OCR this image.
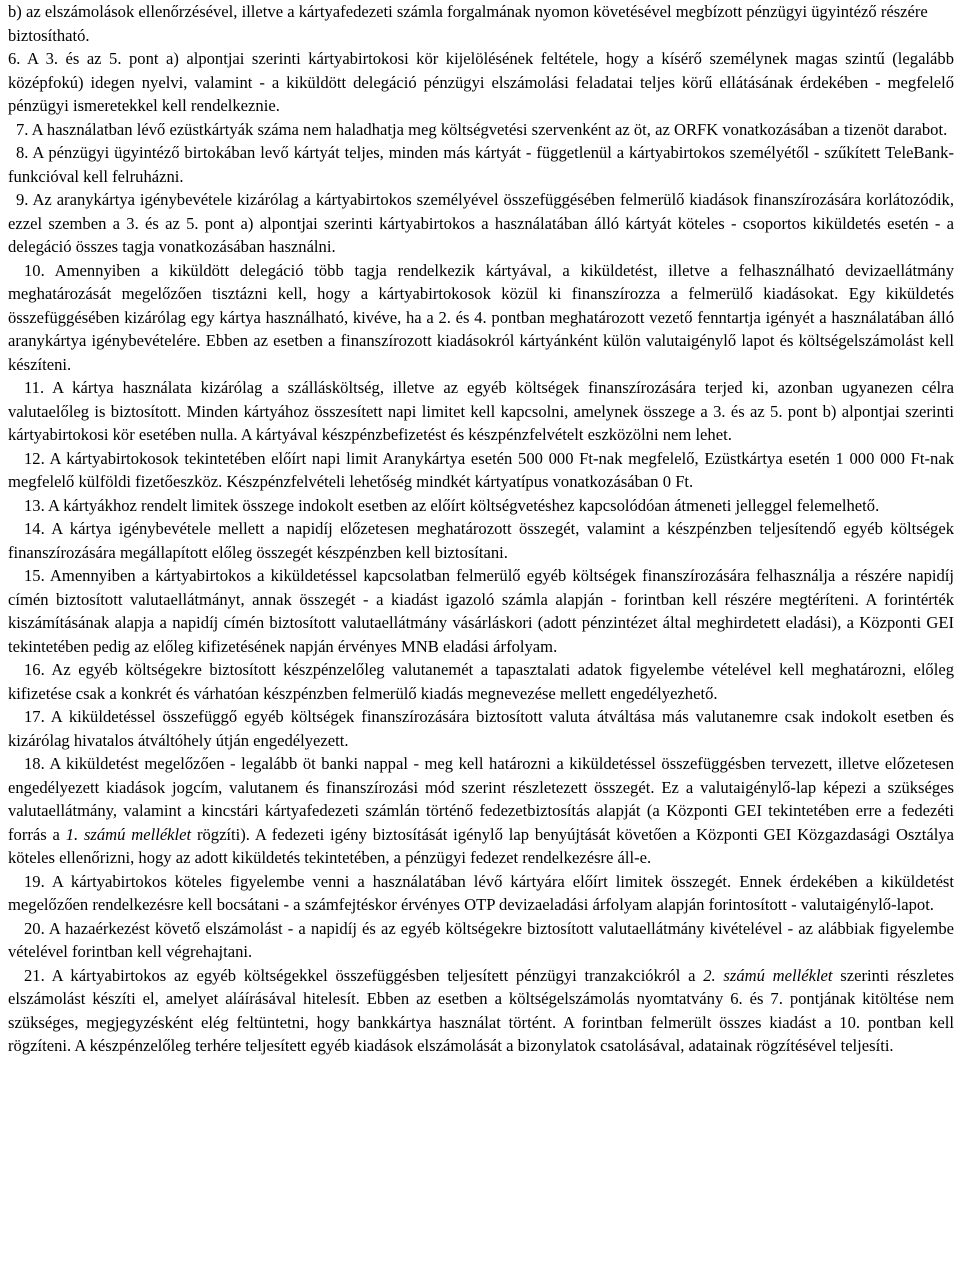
b) az elszámolások ellenőrzésével, illetve a kártyafedezeti számla forgalmának nyomon követésével megbízott pénzügyi ügyintéző részére biztosítható.

6. A 3. és az 5. pont a) alpontjai szerinti kártyabirtokosi kör kijelölésének feltétele, hogy a kísérő személynek magas szintű (legalább középfokú) idegen nyelvi, valamint - a kiküldött delegáció pénzügyi elszámolási feladatai teljes körű ellátásának érdekében - megfelelő pénzügyi ismeretekkel kell rendelkeznie.

7. A használatban lévő ezüstkártyák száma nem haladhatja meg költségvetési szervenként az öt, az ORFK vonatkozásában a tizenöt darabot.

8. A pénzügyi ügyintéző birtokában levő kártyát teljes, minden más kártyát - függetlenül a kártyabirtokos személyétől - szűkített TeleBank-funkcióval kell felruházni.

9. Az aranykártya igénybevétele kizárólag a kártyabirtokos személyével összefüggésében felmerülő kiadások finanszírozására korlátozódik, ezzel szemben a 3. és az 5. pont a) alpontjai szerinti kártyabirtokos a használatában álló kártyát köteles - csoportos kiküldetés esetén - a delegáció összes tagja vonatkozásában használni.

10. Amennyiben a kiküldött delegáció több tagja rendelkezik kártyával, a kiküldetést, illetve a felhasználható devizaellátmány meghatározását megelőzően tisztázni kell, hogy a kártyabirtokosok közül ki finanszírozza a felmerülő kiadásokat. Egy kiküldetés összefüggésében kizárólag egy kártya használható, kivéve, ha a 2. és 4. pontban meghatározott vezető fenntartja igényét a használatában álló aranykártya igénybevételére. Ebben az esetben a finanszírozott kiadásokról kártyánként külön valutaigénylő lapot és költségelszámolást kell készíteni.

11. A kártya használata kizárólag a szállásköltség, illetve az egyéb költségek finanszírozására terjed ki, azonban ugyanezen célra valutaelőleg is biztosított. Minden kártyához összesített napi limitet kell kapcsolni, amelynek összege a 3. és az 5. pont b) alpontjai szerinti kártyabirtokosi kör esetében nulla. A kártyával készpénzbefizetést és készpénzfelvételt eszközölni nem lehet.

12. A kártyabirtokosok tekintetében előírt napi limit Aranykártya esetén 500 000 Ft-nak megfelelő, Ezüstkártya esetén 1 000 000 Ft-nak megfelelő külföldi fizetőeszköz. Készpénzfelvételi lehetőség mindkét kártyatípus vonatkozásában 0 Ft.

13. A kártyákhoz rendelt limitek összege indokolt esetben az előírt költségvetéshez kapcsolódóan átmeneti jelleggel felemelhető.

14. A kártya igénybevétele mellett a napidíj előzetesen meghatározott összegét, valamint a készpénzben teljesítendő egyéb költségek finanszírozására megállapított előleg összegét készpénzben kell biztosítani.

15. Amennyiben a kártyabirtokos a kiküldetéssel kapcsolatban felmerülő egyéb költségek finanszírozására felhasználja a részére napidíj címén biztosított valutaellátmányt, annak összegét - a kiadást igazoló számla alapján - forintban kell részére megtéríteni. A forintérték kiszámításának alapja a napidíj címén biztosított valutaellátmány vásárláskori (adott pénzintézet által meghirdetett eladási), a Központi GEI tekintetében pedig az előleg kifizetésének napján érvényes MNB eladási árfolyam.

16. Az egyéb költségekre biztosított készpénzelőleg valutanemét a tapasztalati adatok figyelembe vételével kell meghatározni, előleg kifizetése csak a konkrét és várhatóan készpénzben felmerülő kiadás megnevezése mellett engedélyezhető.

17. A kiküldetéssel összefüggő egyéb költségek finanszírozására biztosított valuta átváltása más valutanemre csak indokolt esetben és kizárólag hivatalos átváltóhely útján engedélyezett.

18. A kiküldetést megelőzően - legalább öt banki nappal - meg kell határozni a kiküldetéssel összefüggésben tervezett, illetve előzetesen engedélyezett kiadások jogcím, valutanem és finanszírozási mód szerint részletezett összegét. Ez a valutaigénylő-lap képezi a szükséges valutaellátmány, valamint a kincstári kártyafedezeti számlán történő fedezetbiztosítás alapját (a Központi GEI tekintetében erre a fedezéti forrás a 1. számú melléklet rögzíti). A fedezeti igény biztosítását igénylő lap benyújtását követően a Központi GEI Közgazdasági Osztálya köteles ellenőrizni, hogy az adott kiküldetés tekintetében, a pénzügyi fedezet rendelkezésre áll-e.

19. A kártyabirtokos köteles figyelembe venni a használatában lévő kártyára előírt limitek összegét. Ennek érdekében a kiküldetést megelőzően rendelkezésre kell bocsátani - a számfejtéskor érvényes OTP devizaeladási árfolyam alapján forintosított - valutaigénylő-lapot.

20. A hazaérkezést követő elszámolást - a napidíj és az egyéb költségekre biztosított valutaellátmány kivételével - az alábbiak figyelembe vételével forintban kell végrehajtani.

21. A kártyabirtokos az egyéb költségekkel összefüggésben teljesített pénzügyi tranzakciókról a 2. számú melléklet szerinti részletes elszámolást készíti el, amelyet aláírásával hitelesít. Ebben az esetben a költségelszámolás nyomtatvány 6. és 7. pontjának kitöltése nem szükséges, megjegyzésként elég feltüntetni, hogy bankkártya használat történt. A forintban felmerült összes kiadást a 10. pontban kell rögzíteni. A készpénzelőleg terhére teljesített egyéb kiadások elszámolását a bizonylatok csatolásával, adatainak rögzítésével teljesíti.
